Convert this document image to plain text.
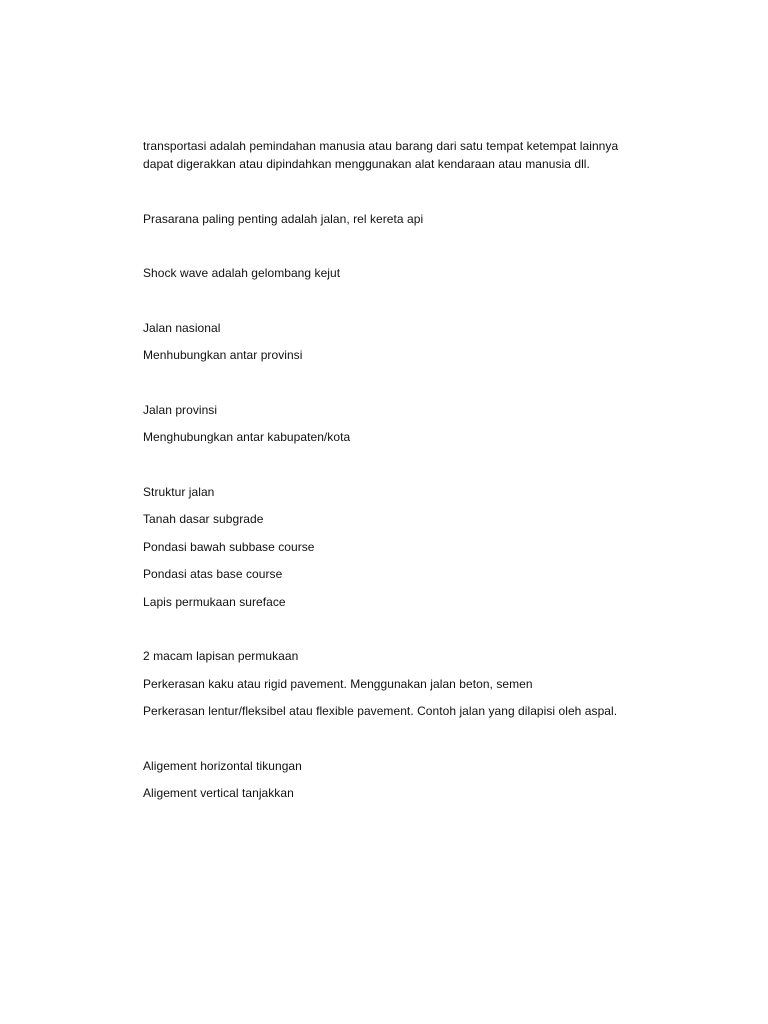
transportasi adalah pemindahan manusia atau barang dari satu tempat ketempat lainnya
dapat digerakkan atau dipindahkan menggunakan alat kendaraan atau manusia dll.
Prasarana paling penting adalah jalan, rel kereta api
Shock wave adalah gelombang kejut
Jalan nasional
Menhubungkan antar provinsi
Jalan provinsi
Menghubungkan antar kabupaten/kota
Struktur jalan
Tanah dasar subgrade
Pondasi bawah subbase course
Pondasi atas base course
Lapis permukaan sureface
2 macam lapisan permukaan
Perkerasan kaku atau rigid pavement. Menggunakan jalan beton, semen
Perkerasan lentur/fleksibel atau flexible pavement. Contoh jalan yang dilapisi oleh aspal.
Aligement horizontal tikungan
Aligement vertical tanjakkan
